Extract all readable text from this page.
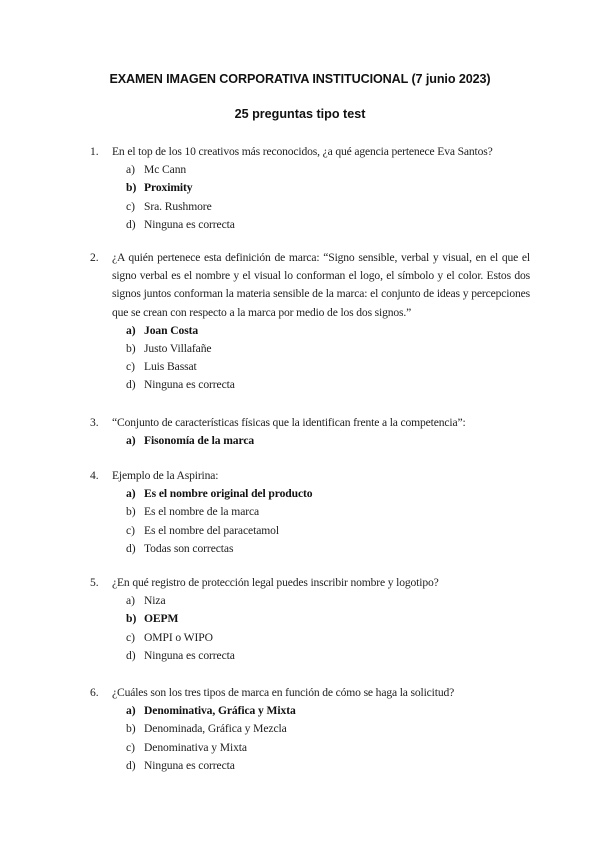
EXAMEN IMAGEN CORPORATIVA INSTITUCIONAL (7 junio 2023)
25 preguntas tipo test
1.	En el top de los 10 creativos más reconocidos, ¿a qué agencia pertenece Eva Santos?
a) Mc Cann
b) Proximity
c) Sra. Rushmore
d) Ninguna es correcta
2.	¿A quién pertenece esta definición de marca: “Signo sensible, verbal y visual, en el que el signo verbal es el nombre y el visual lo conforman el logo, el símbolo y el color. Estos dos signos juntos conforman la materia sensible de la marca: el conjunto de ideas y percepciones que se crean con respecto a la marca por medio de los dos signos.”
a) Joan Costa
b) Justo Villafañe
c) Luis Bassat
d) Ninguna es correcta
3.	“Conjunto de características físicas que la identifican frente a la competencia”:
a) Fisonomía de la marca
4.	Ejemplo de la Aspirina:
a) Es el nombre original del producto
b) Es el nombre de la marca
c) Es el nombre del paracetamol
d) Todas son correctas
5.	¿En qué registro de protección legal puedes inscribir nombre y logotipo?
a) Niza
b) OEPM
c) OMPI o WIPO
d) Ninguna es correcta
6.	¿Cuáles son los tres tipos de marca en función de cómo se haga la solicitud?
a) Denominativa, Gráfica y Mixta
b) Denominada, Gráfica y Mezcla
c) Denominativa y Mixta
d) Ninguna es correcta
